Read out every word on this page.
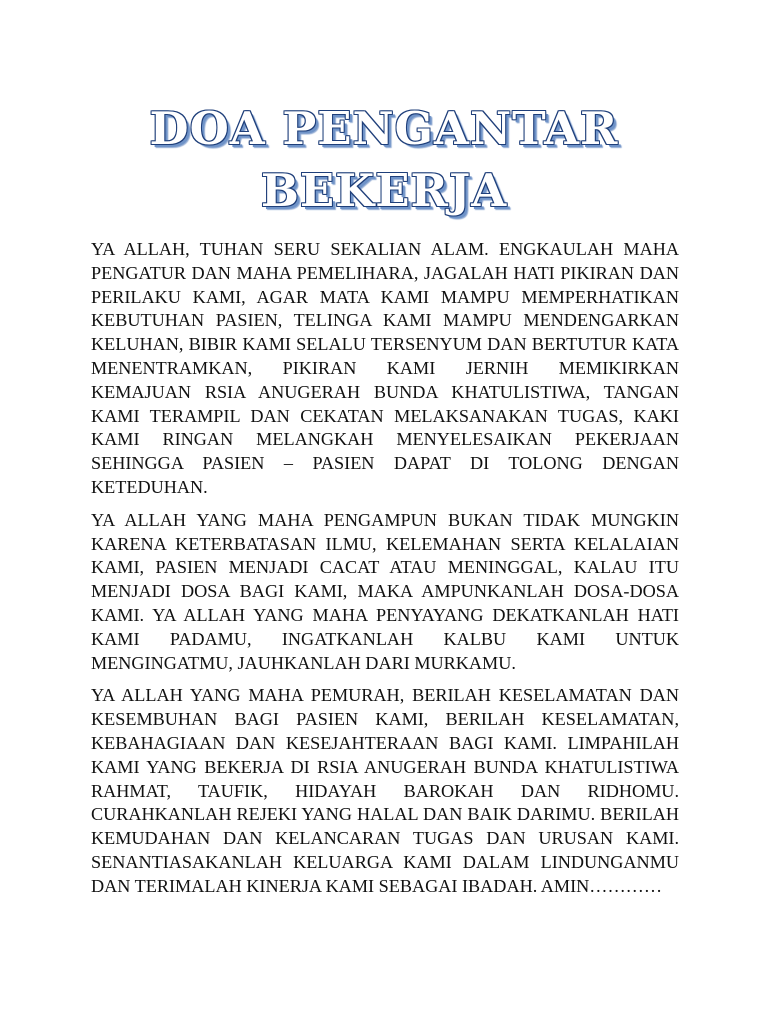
DOA PENGANTAR
BEKERJA

YA ALLAH, TUHAN SERU SEKALIAN ALAM. ENGKAULAH MAHA PENGATUR DAN MAHA PEMELIHARA, JAGALAH HATI PIKIRAN DAN PERILAKU KAMI, AGAR MATA KAMI MAMPU MEMPERHATIKAN KEBUTUHAN PASIEN, TELINGA KAMI MAMPU MENDENGARKAN KELUHAN, BIBIR KAMI SELALU TERSENYUM DAN BERTUTUR KATA MENENTRAMKAN, PIKIRAN KAMI JERNIH MEMIKIRKAN KEMAJUAN RSIA ANUGERAH BUNDA KHATULISTIWA, TANGAN KAMI TERAMPIL DAN CEKATAN MELAKSANAKAN TUGAS, KAKI KAMI RINGAN MELANGKAH MENYELESAIKAN PEKERJAAN SEHINGGA PASIEN – PASIEN DAPAT DI TOLONG DENGAN KETEDUHAN.

YA ALLAH YANG MAHA PENGAMPUN BUKAN TIDAK MUNGKIN KARENA KETERBATASAN ILMU, KELEMAHAN SERTA KELALAIAN KAMI, PASIEN MENJADI CACAT ATAU MENINGGAL, KALAU ITU MENJADI DOSA BAGI KAMI, MAKA AMPUNKANLAH DOSA-DOSA KAMI. YA ALLAH YANG MAHA PENYAYANG DEKATKANLAH HATI KAMI PADAMU, INGATKANLAH KALBU KAMI UNTUK MENGINGATMU, JAUHKANLAH DARI MURKAMU.

YA ALLAH YANG MAHA PEMURAH, BERILAH KESELAMATAN DAN KESEMBUHAN BAGI PASIEN KAMI, BERILAH KESELAMATAN, KEBAHAGIAAN DAN KESEJAHTERAAN BAGI KAMI. LIMPAHILAH KAMI YANG BEKERJA DI RSIA ANUGERAH BUNDA KHATULISTIWA RAHMAT, TAUFIK, HIDAYAH BAROKAH DAN RIDHOMU. CURAHKANLAH REJEKI YANG HALAL DAN BAIK DARIMU. BERILAH KEMUDAHAN DAN KELANCARAN TUGAS DAN URUSAN KAMI. SENANTIASAKANLAH KELUARGA KAMI DALAM LINDUNGANMU DAN TERIMALAH KINERJA KAMI SEBAGAI IBADAH. AMIN…………
